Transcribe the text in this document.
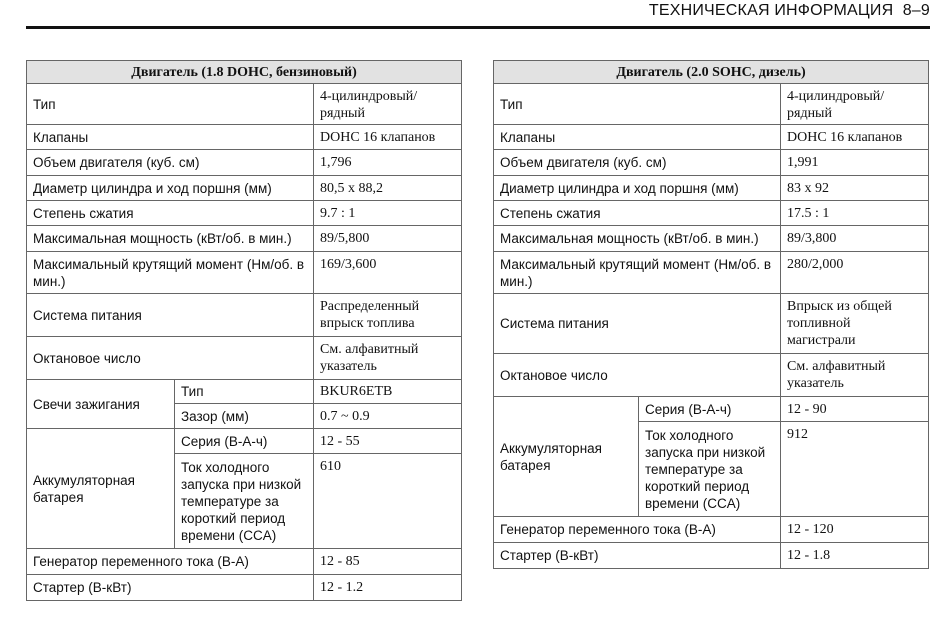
ТЕХНИЧЕСКАЯ ИНФОРМАЦИЯ 8–9
Двигатель (1.8 DOHC, бензиновый)		
Тип		4-цилиндровый/ рядный
Клапаны		DOHC 16 клапанов
Объем двигателя (куб. см)		1,796
Диаметр цилиндра и ход поршня (мм)		80,5 x 88,2
Степень сжатия		9.7 : 1
Максимальная мощность (кВт/об. в мин.)		89/5,800
Максимальный крутящий момент (Нм/об. в мин.)		169/3,600
Система питания		Распределенный впрыск топлива
Октановое число		См. алфавитный указатель
Свечи зажигания	Тип	BKUR6ETB
	Зазор (мм)	0.7 ~ 0.9
Аккумуляторная батарея	Серия (В-А-ч)	12 - 55
	Ток холодного запуска при низкой температуре за короткий период времени (CCA)	610
Генератор переменного тока (В-А)		12 - 85
Стартер (В-кВт)		12 - 1.2
Двигатель (2.0 SOHC, дизель)		
Тип		4-цилиндровый/ рядный
Клапаны		DOHC 16 клапанов
Объем двигателя (куб. см)		1,991
Диаметр цилиндра и ход поршня (мм)		83 x 92
Степень сжатия		17.5 : 1
Максимальная мощность (кВт/об. в мин.)		89/3,800
Максимальный крутящий момент (Нм/об. в мин.)		280/2,000
Система питания		Впрыск из общей топливной магистрали
Октановое число		См. алфавитный указатель
Аккумуляторная батарея	Серия (В-А-ч)	12 - 90
	Ток холодного запуска при низкой температуре за короткий период времени (CCA)	912
Генератор переменного тока (В-А)		12 - 120
Стартер (В-кВт)		12 - 1.8
